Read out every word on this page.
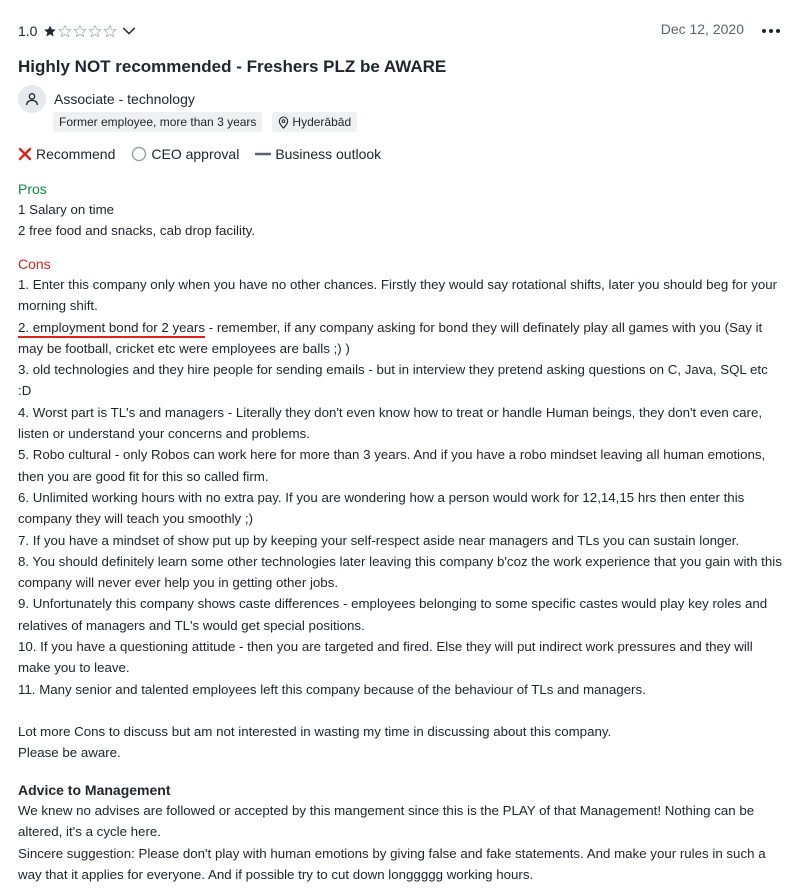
1.0	Dec 12, 2020
Highly NOT recommended - Freshers PLZ be AWARE
Associate - technology
Former employee, more than 3 years	Hyderābād
Recommend	CEO approval	Business outlook
Pros

1 Salary on time

2 free food and snacks, cab drop facility.

Cons

1. Enter this company only when you have no other chances. Firstly they would say rotational shifts, later you should beg for your morning shift.

2. employment bond for 2 years - remember, if any company asking for bond they will definately play all games with you (Say it may be football, cricket etc were employees are balls ;) )

3. old technologies and they hire people for sending emails - but in interview they pretend asking questions on C, Java, SQL etc :D

4. Worst part is TL's and managers - Literally they don't even know how to treat or handle Human beings, they don't even care, listen or understand your concerns and problems.

5. Robo cultural - only Robos can work here for more than 3 years. And if you have a robo mindset leaving all human emotions, then you are good fit for this so called firm.

6. Unlimited working hours with no extra pay. If you are wondering how a person would work for 12,14,15 hrs then enter this company they will teach you smoothly ;)

7. If you have a mindset of show put up by keeping your self-respect aside near managers and TLs you can sustain longer.

8. You should definitely learn some other technologies later leaving this company b'coz the work experience that you gain with this company will never ever help you in getting other jobs.

9. Unfortunately this company shows caste differences - employees belonging to some specific castes would play key roles and relatives of managers and TL's would get special positions.

10. If you have a questioning attitude - then you are targeted and fired. Else they will put indirect work pressures and they will make you to leave.

11. Many senior and talented employees left this company because of the behaviour of TLs and managers.

Lot more Cons to discuss but am not interested in wasting my time in discussing about this company.

Please be aware.

Advice to Management

We knew no advises are followed or accepted by this mangement since this is the PLAY of that Management! Nothing can be altered, it's a cycle here.

Sincere suggestion: Please don't play with human emotions by giving false and fake statements. And make your rules in such a way that it applies for everyone. And if possible try to cut down longgggg working hours.
